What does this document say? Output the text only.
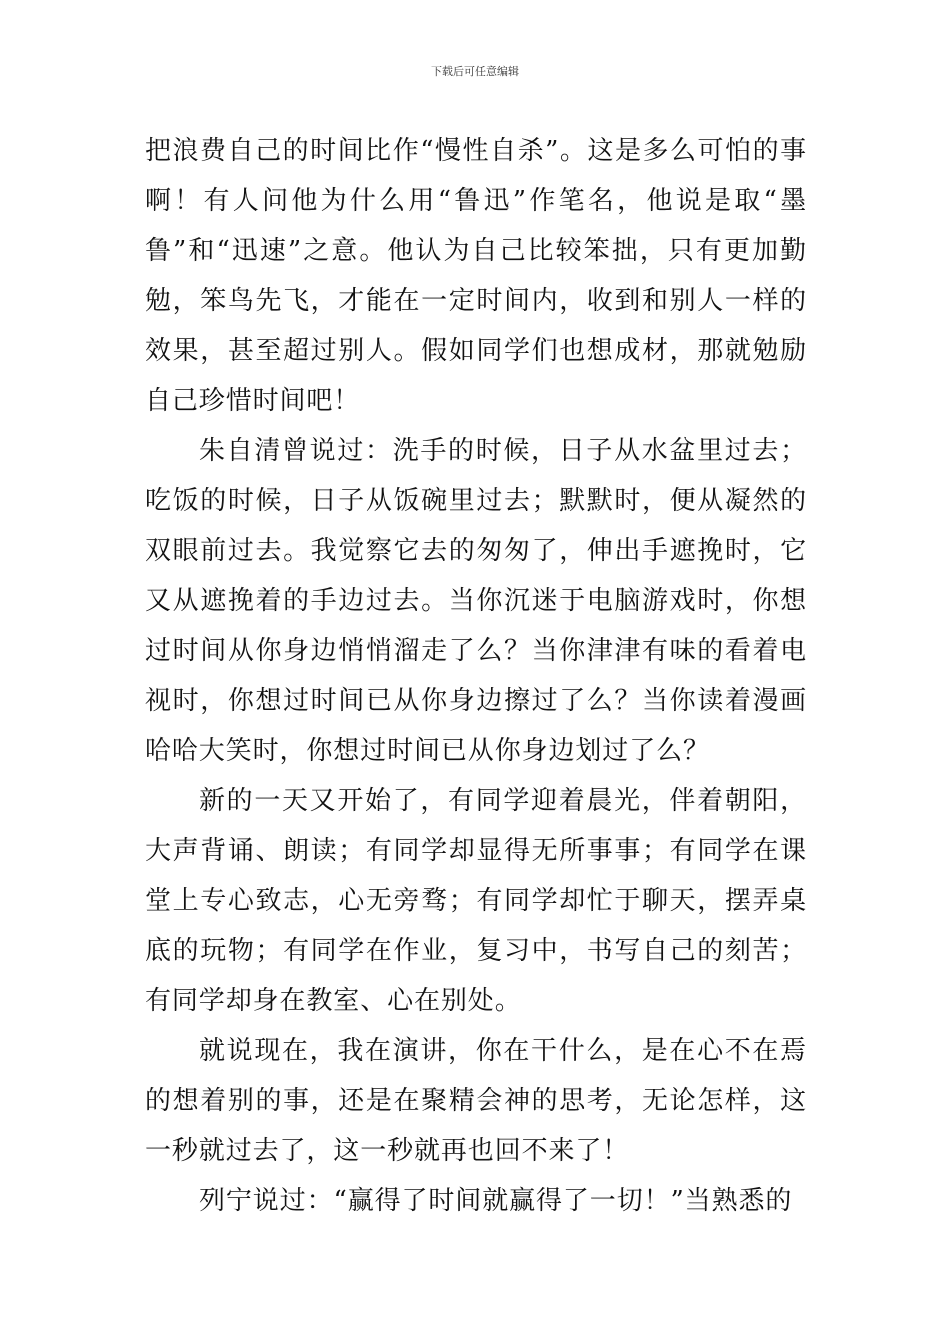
下载后可任意编辑

把浪费自己的时间比作“慢性自杀”。这是多么可怕的事啊！有人问他为什么用“鲁迅”作笔名，他说是取“墨鲁”和“迅速”之意。他认为自己比较笨拙，只有更加勤勉，笨鸟先飞，才能在一定时间内，收到和别人一样的效果，甚至超过别人。假如同学们也想成材，那就勉励自己珍惜时间吧！

朱自清曾说过：洗手的时候，日子从水盆里过去；吃饭的时候，日子从饭碗里过去；默默时，便从凝然的双眼前过去。我觉察它去的匆匆了，伸出手遮挽时，它又从遮挽着的手边过去。当你沉迷于电脑游戏时，你想过时间从你身边悄悄溜走了么？当你津津有味的看着电视时，你想过时间已从你身边擦过了么？当你读着漫画哈哈大笑时，你想过时间已从你身边划过了么？

新的一天又开始了，有同学迎着晨光，伴着朝阳，大声背诵、朗读；有同学却显得无所事事；有同学在课堂上专心致志，心无旁骛；有同学却忙于聊天，摆弄桌底的玩物；有同学在作业，复习中，书写自己的刻苦；有同学却身在教室、心在别处。

就说现在，我在演讲，你在干什么，是在心不在焉的想着别的事，还是在聚精会神的思考，无论怎样，这一秒就过去了，这一秒就再也回不来了！

列宁说过：“赢得了时间就赢得了一切！”当熟悉的
